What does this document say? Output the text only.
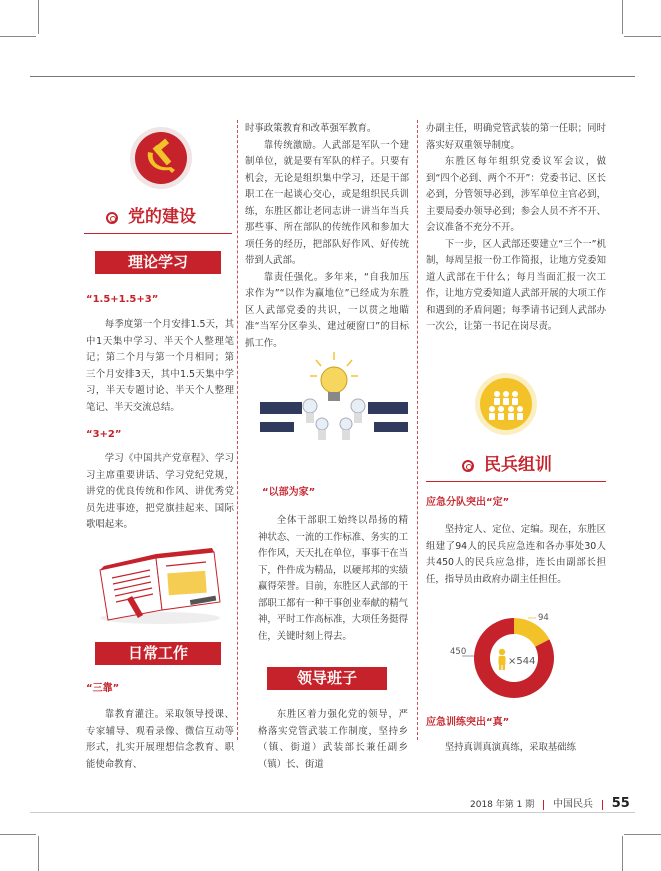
党的建设
理论学习
“1.5+1.5+3”

每季度第一个月安排1.5天，其中1天集中学习、半天个人整理笔记；第二个月与第一个月相同；第三个月安排3天，其中1.5天集中学习，半天专题讨论、半天个人整理笔记、半天交流总结。

“3+2”

学习《中国共产党章程》、学习习主席重要讲话、学习党纪党规，讲党的优良传统和作风、讲优秀党员先进事迹，把党旗挂起来、国际歌唱起来。

日常工作
“三靠”

靠教育灌注。采取领导授课、专家辅导、观看录像、微信互动等形式，扎实开展理想信念教育、职能使命教育、

时事政策教育和改革强军教育。

靠传统激励。人武部是军队一个建制单位，就是要有军队的样子。只要有机会，无论是组织集中学习，还是干部职工在一起谈心交心，或是组织民兵训练，东胜区都让老同志讲一讲当年当兵那些事、所在部队的传统作风和参加大项任务的经历，把部队好作风、好传统带到人武部。

靠责任强化。多年来，“自我加压求作为”“以作为赢地位”已经成为东胜区人武部党委的共识，一以贯之地瞄准“当军分区拳头、建过硬窗口”的目标抓工作。

“以部为家”

全体干部职工始终以昂扬的精神状态、一流的工作标准、务实的工作作风，天天扎在单位，事事干在当下，件件成为精品，以硬邦邦的实绩赢得荣誉。目前，东胜区人武部的干部职工都有一种干事创业奉献的精气神，平时工作高标准，大项任务挺得住，关键时刻上得去。

领导班子

东胜区着力强化党的领导，严格落实党管武装工作制度，坚持乡（镇、街道）武装部长兼任副乡（镇）长、街道

办副主任，明确党管武装的第一任职；同时落实好双重领导制度。

东胜区每年组织党委议军会议，做到“四个必到、两个不开”：党委书记、区长必到，分管领导必到，涉军单位主官必到，主要局委办领导必到；参会人员不齐不开、会议准备不充分不开。

下一步，区人武部还要建立“三个一”机制，每周呈报一份工作简报，让地方党委知道人武部在干什么；每月当面汇报一次工作，让地方党委知道人武部开展的大项工作和遇到的矛盾问题；每季请书记到人武部办一次公，让第一书记在岗尽责。

民兵组训
应急分队突出“定”

坚持定人、定位、定编。现在，东胜区组建了94人的民兵应急连和各办事处30人共450人的民兵应急排，连长由副部长担任，指导员由政府办副主任担任。

×544
94
450
应急训练突出“真”

坚持真训真演真练，采取基础练

2018 年第 1 期 中国民兵 55
